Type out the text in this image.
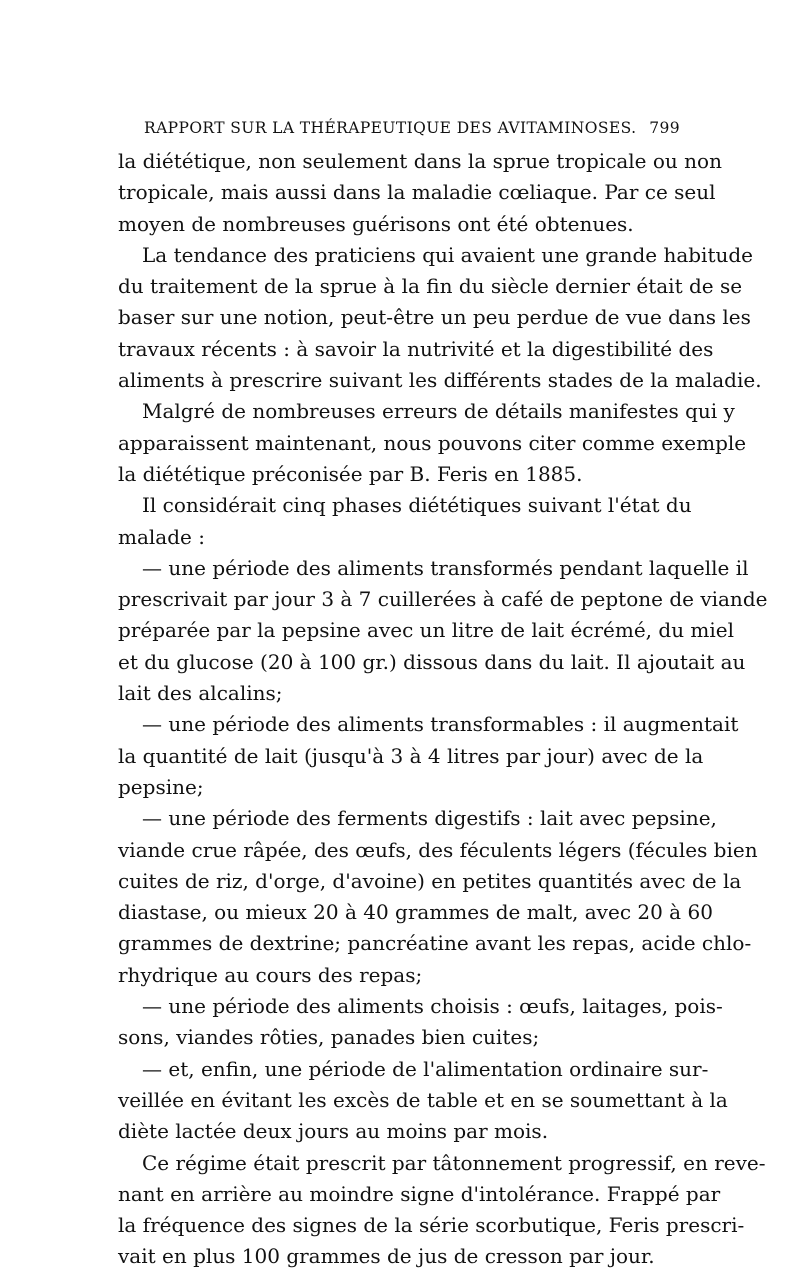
RAPPORT SUR LA THÉRAPEUTIQUE DES AVITAMINOSES. 799
la diététique, non seulement dans la sprue tropicale ou non
tropicale, mais aussi dans la maladie cœliaque. Par ce seul
moyen de nombreuses guérisons ont été obtenues.
La tendance des praticiens qui avaient une grande habitude
du traitement de la sprue à la fin du siècle dernier était de se
baser sur une notion, peut-être un peu perdue de vue dans les
travaux récents : à savoir la nutrivité et la digestibilité des
aliments à prescrire suivant les différents stades de la maladie.
Malgré de nombreuses erreurs de détails manifestes qui y
apparaissent maintenant, nous pouvons citer comme exemple
la diététique préconisée par B. Feris en 1885.
Il considérait cinq phases diététiques suivant l'état du
malade :
— une période des aliments transformés pendant laquelle il
prescrivait par jour 3 à 7 cuillerées à café de peptone de viande
préparée par la pepsine avec un litre de lait écrémé, du miel
et du glucose (20 à 100 gr.) dissous dans du lait. Il ajoutait au
lait des alcalins;
— une période des aliments transformables : il augmentait
la quantité de lait (jusqu'à 3 à 4 litres par jour) avec de la
pepsine;
— une période des ferments digestifs : lait avec pepsine,
viande crue râpée, des œufs, des féculents légers (fécules bien
cuites de riz, d'orge, d'avoine) en petites quantités avec de la
diastase, ou mieux 20 à 40 grammes de malt, avec 20 à 60
grammes de dextrine; pancréatine avant les repas, acide chlo-
rhydrique au cours des repas;
— une période des aliments choisis : œufs, laitages, pois-
sons, viandes rôties, panades bien cuites;
— et, enfin, une période de l'alimentation ordinaire sur-
veillée en évitant les excès de table et en se soumettant à la
diète lactée deux jours au moins par mois.
Ce régime était prescrit par tâtonnement progressif, en reve-
nant en arrière au moindre signe d'intolérance. Frappé par
la fréquence des signes de la série scorbutique, Feris prescri-
vait en plus 100 grammes de jus de cresson par jour.
